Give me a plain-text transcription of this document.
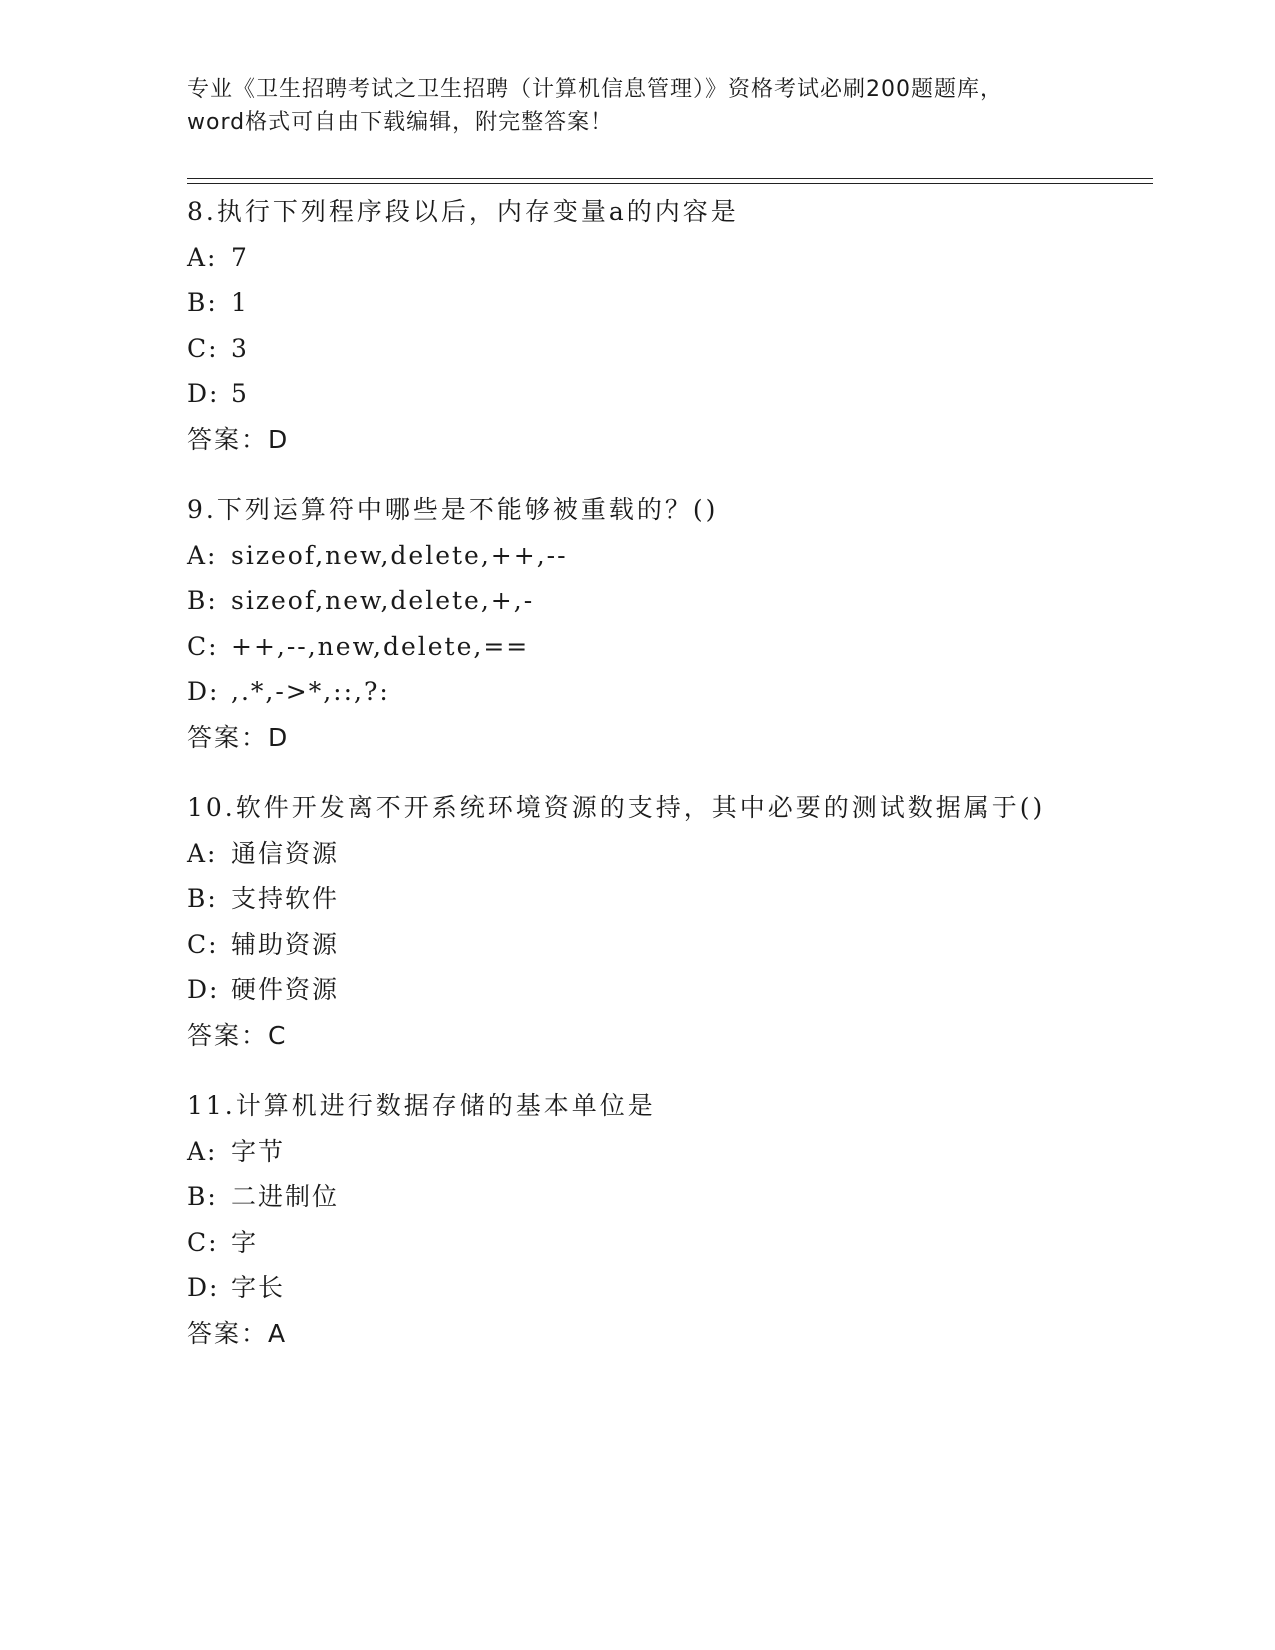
专业《卫生招聘考试之卫生招聘（计算机信息管理）》资格考试必刷200题题库，
word格式可自由下载编辑，附完整答案！
8.执行下列程序段以后，内存变量a的内容是
A: 7
B: 1
C: 3
D: 5
答案：D
9.下列运算符中哪些是不能够被重载的？()
A: sizeof,new,delete,++,--
B: sizeof,new,delete,+,-
C: ++,--,new,delete,==
D: ,.*,->*,::,?:
答案：D
10.软件开发离不开系统环境资源的支持，其中必要的测试数据属于()
A: 通信资源
B: 支持软件
C: 辅助资源
D: 硬件资源
答案：C
11.计算机进行数据存储的基本单位是
A: 字节
B: 二进制位
C: 字
D: 字长
答案：A
